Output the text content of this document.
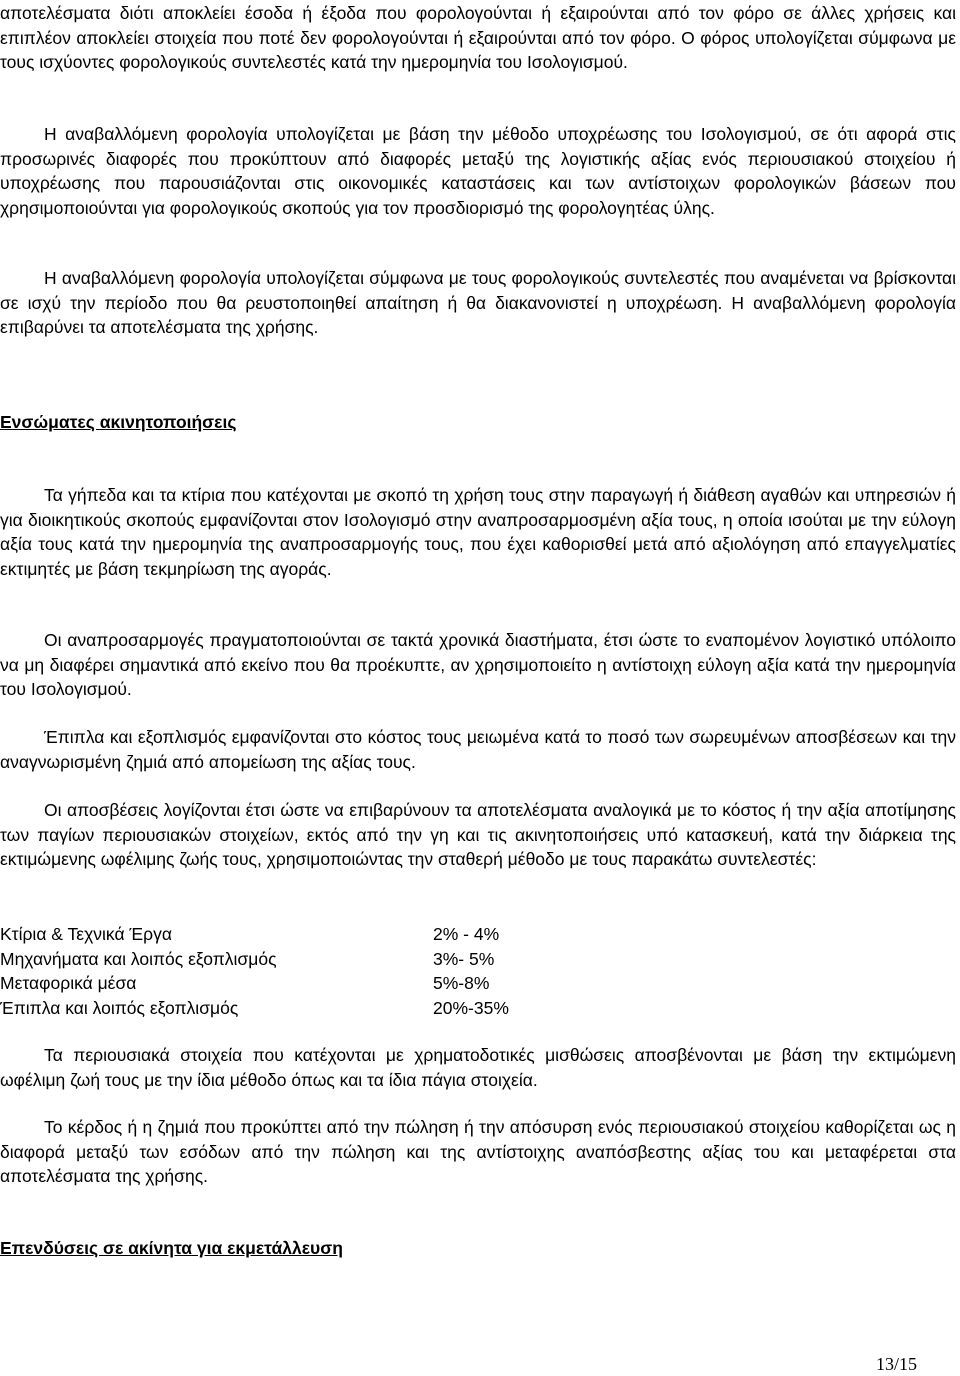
αποτελέσματα διότι αποκλείει έσοδα ή έξοδα που φορολογούνται ή εξαιρούνται από τον φόρο σε άλλες χρήσεις και επιπλέον αποκλείει στοιχεία που ποτέ δεν φορολογούνται ή εξαιρούνται από τον φόρο. Ο φόρος υπολογίζεται σύμφωνα με τους ισχύοντες φορολογικούς συντελεστές κατά την ημερομηνία του Ισολογισμού.

Η αναβαλλόμενη φορολογία υπολογίζεται με βάση την μέθοδο υποχρέωσης του Ισολογισμού, σε ότι αφορά στις προσωρινές διαφορές που προκύπτουν από διαφορές μεταξύ της λογιστικής αξίας ενός περιουσιακού στοιχείου ή υποχρέωσης που παρουσιάζονται στις οικονομικές καταστάσεις και των αντίστοιχων φορολογικών βάσεων που χρησιμοποιούνται για φορολογικούς σκοπούς για τον προσδιορισμό της φορολογητέας ύλης.

Η αναβαλλόμενη φορολογία υπολογίζεται σύμφωνα με τους φορολογικούς συντελεστές που αναμένεται να βρίσκονται σε ισχύ την περίοδο που θα ρευστοποιηθεί απαίτηση ή θα διακανονιστεί η υποχρέωση. Η αναβαλλόμενη φορολογία επιβαρύνει τα αποτελέσματα της χρήσης.

Ενσώματες ακινητοποιήσεις

Τα γήπεδα και τα κτίρια που κατέχονται με σκοπό τη χρήση τους στην παραγωγή ή διάθεση αγαθών και υπηρεσιών ή για διοικητικούς σκοπούς εμφανίζονται στον Ισολογισμό στην αναπροσαρμοσμένη αξία τους, η οποία ισούται με την εύλογη αξία τους κατά την ημερομηνία της αναπροσαρμογής τους, που έχει καθορισθεί μετά από αξιολόγηση από επαγγελματίες εκτιμητές με βάση τεκμηρίωση της αγοράς.

Οι αναπροσαρμογές πραγματοποιούνται σε τακτά χρονικά διαστήματα, έτσι ώστε το εναπομένον λογιστικό υπόλοιπο να μη διαφέρει σημαντικά από εκείνο που θα προέκυπτε, αν χρησιμοποιείτο η αντίστοιχη εύλογη αξία κατά την ημερομηνία του Ισολογισμού.

Έπιπλα και εξοπλισμός εμφανίζονται στο κόστος τους μειωμένα κατά το ποσό των σωρευμένων αποσβέσεων και την αναγνωρισμένη ζημιά από απομείωση της αξίας τους.

Οι αποσβέσεις λογίζονται έτσι ώστε να επιβαρύνουν τα αποτελέσματα αναλογικά με το κόστος ή την αξία αποτίμησης των παγίων περιουσιακών στοιχείων, εκτός από την γη και τις ακινητοποιήσεις υπό κατασκευή, κατά την διάρκεια της εκτιμώμενης ωφέλιμης ζωής τους, χρησιμοποιώντας την σταθερή μέθοδο με τους παρακάτω συντελεστές:

Κτίρια & Τεχνικά Έργα	2% - 4%
Μηχανήματα και λοιπός εξοπλισμός	3%- 5%
Μεταφορικά μέσα	5%-8%
Έπιπλα και λοιπός εξοπλισμός	20%-35%

Τα περιουσιακά στοιχεία που κατέχονται με χρηματοδοτικές μισθώσεις αποσβένονται με βάση την εκτιμώμενη ωφέλιμη ζωή τους με την ίδια μέθοδο όπως και τα ίδια πάγια στοιχεία.

Το κέρδος ή η ζημιά που προκύπτει από την πώληση ή την απόσυρση ενός περιουσιακού στοιχείου καθορίζεται ως η διαφορά μεταξύ των εσόδων από την πώληση και της αντίστοιχης αναπόσβεστης αξίας του και μεταφέρεται στα αποτελέσματα της χρήσης.

Επενδύσεις σε ακίνητα για εκμετάλλευση
13/15
